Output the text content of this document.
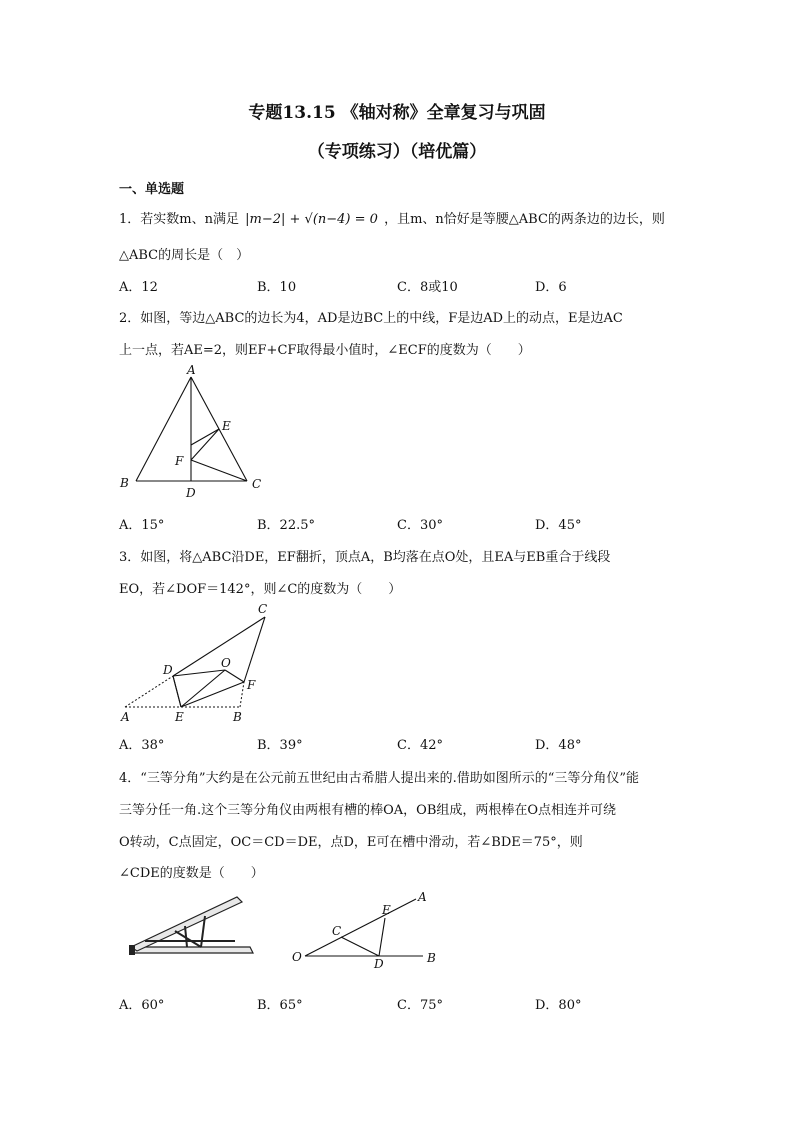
专题13.15 《轴对称》全章复习与巩固
（专项练习）（培优篇）
一、单选题
1．若实数m、n满足 |m−2| + √(n−4) = 0 ，且m、n恰好是等腰△ABC的两条边的边长，则
△ABC的周长是（　）
A．12	B．10	C．8或10	D．6
2．如图，等边△ABC的边长为4，AD是边BC上的中线，F是边AD上的动点，E是边AC
上一点，若AE=2，则EF+CF取得最小值时，∠ECF的度数为（　　）
A
B	C
D
E
F
A．15°	B．22.5°	C．30°	D．45°
3．如图，将△ABC沿DE，EF翻折，顶点A，B均落在点O处，且EA与EB重合于线段
EO，若∠DOF＝142°，则∠C的度数为（　　）
A	B
C
D
E
F
O
A．38°	B．39°	C．42°	D．48°
4．“三等分角”大约是在公元前五世纪由古希腊人提出来的.借助如图所示的“三等分角仪”能
三等分任一角.这个三等分角仪由两根有槽的棒OA，OB组成，两根棒在O点相连并可绕
O转动，C点固定，OC＝CD＝DE，点D，E可在槽中滑动，若∠BDE＝75°，则
∠CDE的度数是（　　）
O
C
D
E
A
B
A．60°	B．65°	C．75°	D．80°
